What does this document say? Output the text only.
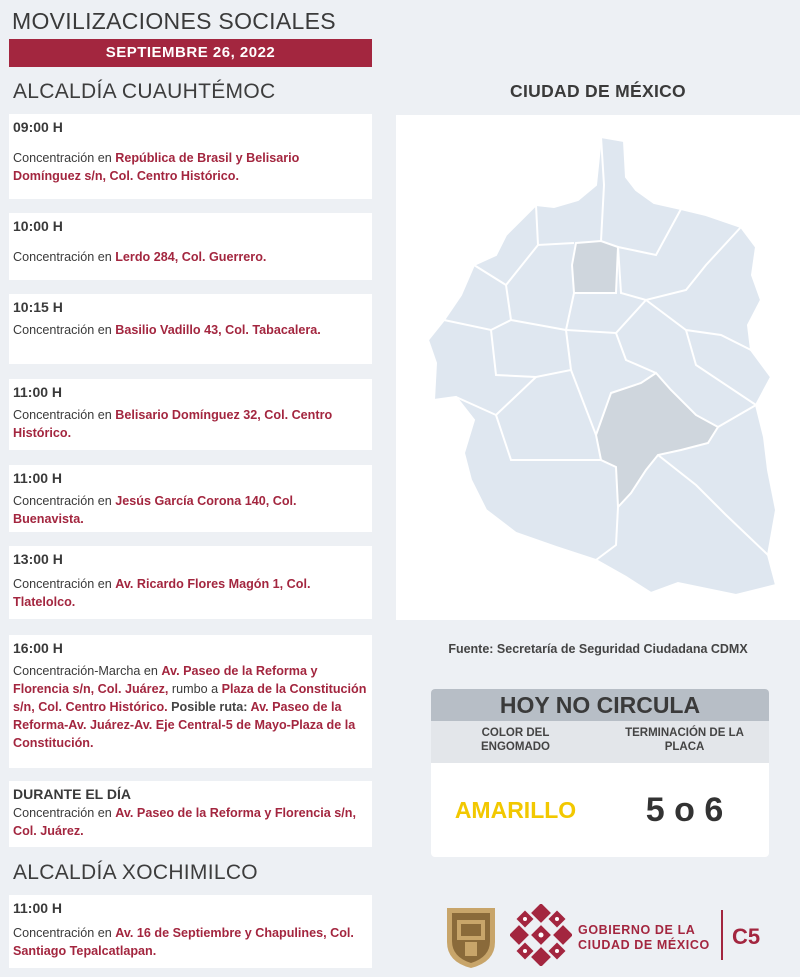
MOVILIZACIONES SOCIALES
SEPTIEMBRE 26, 2022
ALCALDÍA CUAUHTÉMOC
09:00 H
Concentración en República de Brasil y Belisario Domínguez s/n, Col. Centro Histórico.
10:00 H
Concentración en Lerdo 284, Col. Guerrero.
10:15 H
Concentración en Basilio Vadillo 43, Col. Tabacalera.
11:00 H
Concentración en Belisario Domínguez 32, Col. Centro Histórico.
11:00 H
Concentración en Jesús García Corona 140, Col. Buenavista.
13:00 H
Concentración en Av. Ricardo Flores Magón 1, Col. Tlatelolco.
16:00 H
Concentración-Marcha en Av. Paseo de la Reforma y Florencia s/n, Col. Juárez, rumbo a Plaza de la Constitución s/n, Col. Centro Histórico. Posible ruta: Av. Paseo de la Reforma-Av. Juárez-Av. Eje Central-5 de Mayo-Plaza de la Constitución.
DURANTE EL DÍA
Concentración en Av. Paseo de la Reforma y Florencia s/n, Col. Juárez.
ALCALDÍA XOCHIMILCO
11:00 H
Concentración en Av. 16 de Septiembre y Chapulines, Col. Santiago Tepalcatlapan.
CIUDAD DE MÉXICO
Fuente: Secretaría de Seguridad Ciudadana CDMX
HOY NO CIRCULA
COLOR DEL ENGOMADO
TERMINACIÓN DE LA PLACA
AMARILLO	5 o 6
GOBIERNO DE LA
CIUDAD DE MÉXICO C5
